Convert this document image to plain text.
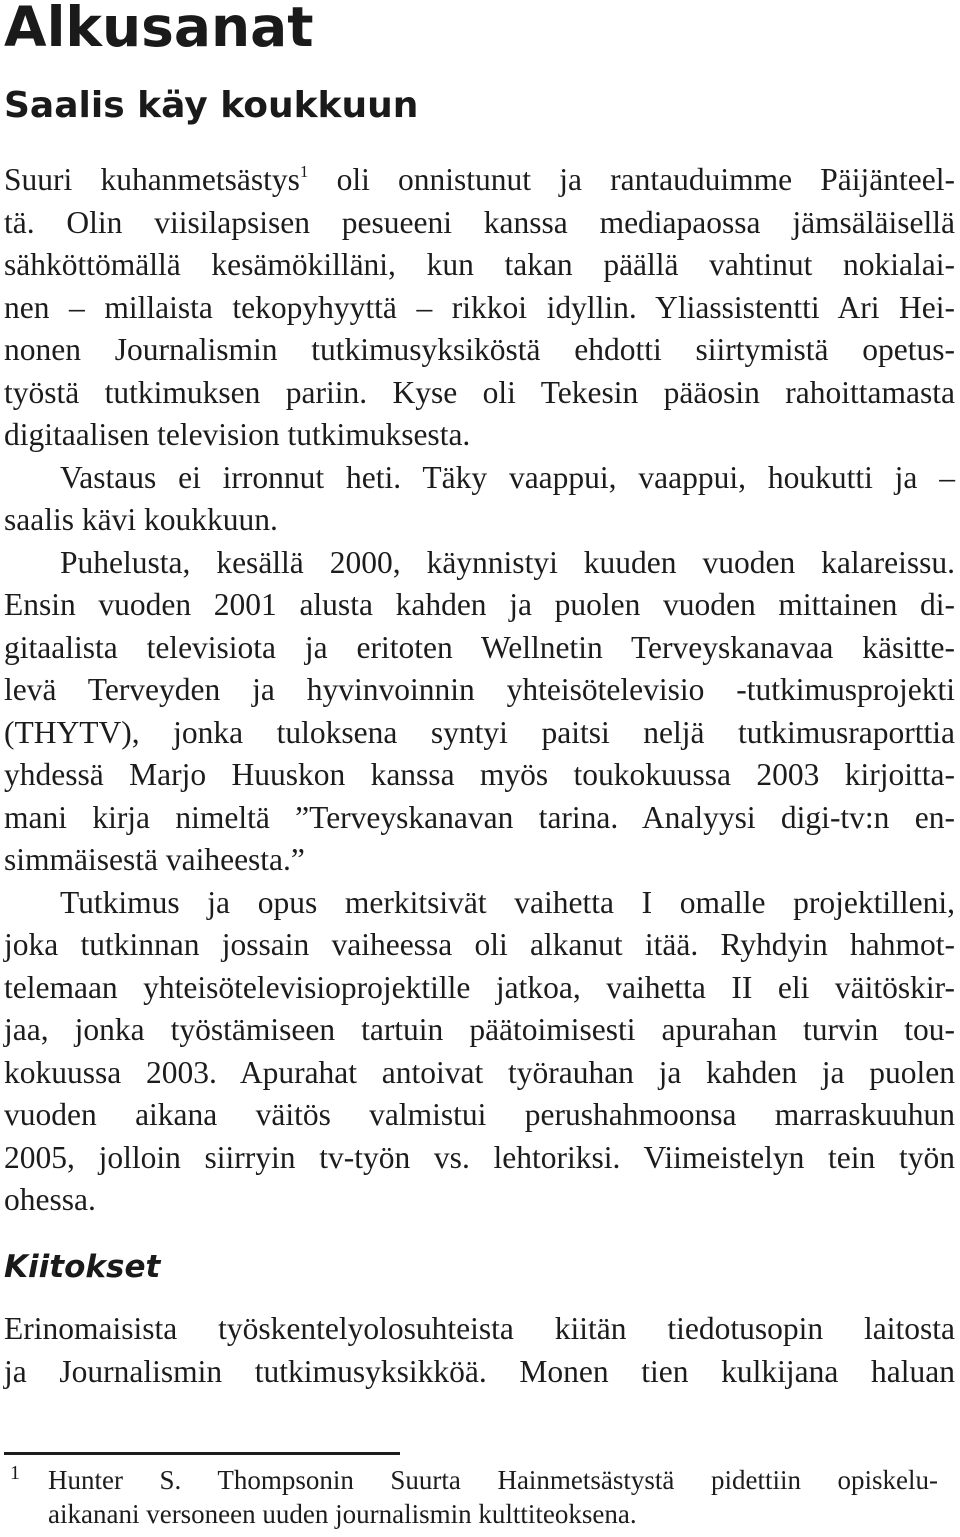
Alkusanat
Saalis käy koukkuun
Suuri kuhanmetsästys$^1$ oli onnistunut ja rantauduimme Päijänteel-
tä. Olin viisilapsisen pesueeni kanssa mediapaossa jämsäläisellä
sähköttömällä kesämökilläni, kun takan päällä vahtinut nokialai-
nen – millaista tekopyhyyttä – rikkoi idyllin. Yliassistentti Ari Hei-
nonen Journalismin tutkimusyksiköstä ehdotti siirtymistä opetus-
työstä tutkimuksen pariin. Kyse oli Tekesin pääosin rahoittamasta
digitaalisen television tutkimuksesta.
Vastaus ei irronnut heti. Täky vaappui, vaappui, houkutti ja –
saalis kävi koukkuun.
Puhelusta, kesällä 2000, käynnistyi kuuden vuoden kalareissu.
Ensin vuoden 2001 alusta kahden ja puolen vuoden mittainen di-
gitaalista televisiota ja eritoten Wellnetin Terveyskanavaa käsitte-
levä Terveyden ja hyvinvoinnin yhteisötelevisio -tutkimusprojekti
(THYTV), jonka tuloksena syntyi paitsi neljä tutkimusraporttia
yhdessä Marjo Huuskon kanssa myös toukokuussa 2003 kirjoitta-
mani kirja nimeltä ”Terveyskanavan tarina. Analyysi digi-tv:n en-
simmäisestä vaiheesta.”
Tutkimus ja opus merkitsivät vaihetta I omalle projektilleni,
joka tutkinnan jossain vaiheessa oli alkanut itää. Ryhdyin hahmot-
telemaan yhteisötelevisioprojektille jatkoa, vaihetta II eli väitöskir-
jaa, jonka työstämiseen tartuin päätoimisesti apurahan turvin tou-
kokuussa 2003. Apurahat antoivat työrauhan ja kahden ja puolen
vuoden aikana väitös valmistui perushahmoonsa marraskuuhun
2005, jolloin siirryin tv-työn vs. lehtoriksi. Viimeistelyn tein työn
ohessa.
Kiitokset
Erinomaisista työskentelyolosuhteista kiitän tiedotusopin laitosta
ja Journalismin tutkimusyksikköä. Monen tien kulkijana haluan
1 Hunter S. Thompsonin Suurta Hainmetsästystä pidettiin opiskelu-
aikanani versoneen uuden journalismin kulttiteoksena.
